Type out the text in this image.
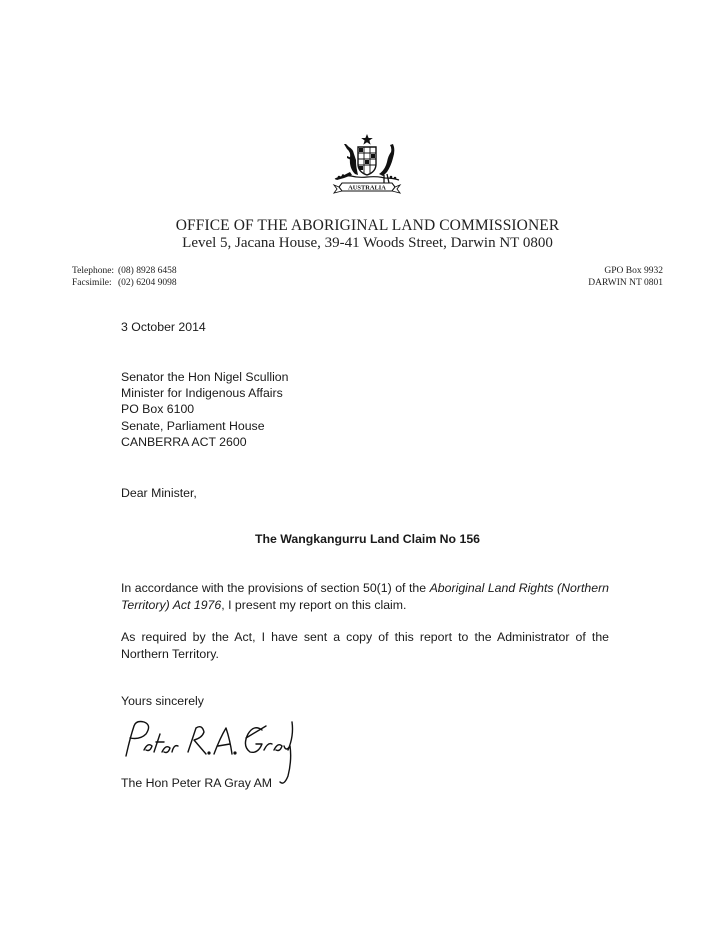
AUSTRALIA
OFFICE OF THE ABORIGINAL LAND COMMISSIONER
Level 5, Jacana House, 39-41 Woods Street, Darwin NT 0800
Telephone: (08) 8928 6458
Facsimile: (02) 6204 9098
GPO Box 9932
DARWIN NT 0801
3 October 2014
Senator the Hon Nigel Scullion
Minister for Indigenous Affairs
PO Box 6100
Senate, Parliament House
CANBERRA ACT 2600
Dear Minister,
The Wangkangurru Land Claim No 156
In accordance with the provisions of section 50(1) of the Aboriginal Land Rights (Northern Territory) Act 1976, I present my report on this claim.
As required by the Act, I have sent a copy of this report to the Administrator of the Northern Territory.
Yours sincerely
The Hon Peter RA Gray AM
